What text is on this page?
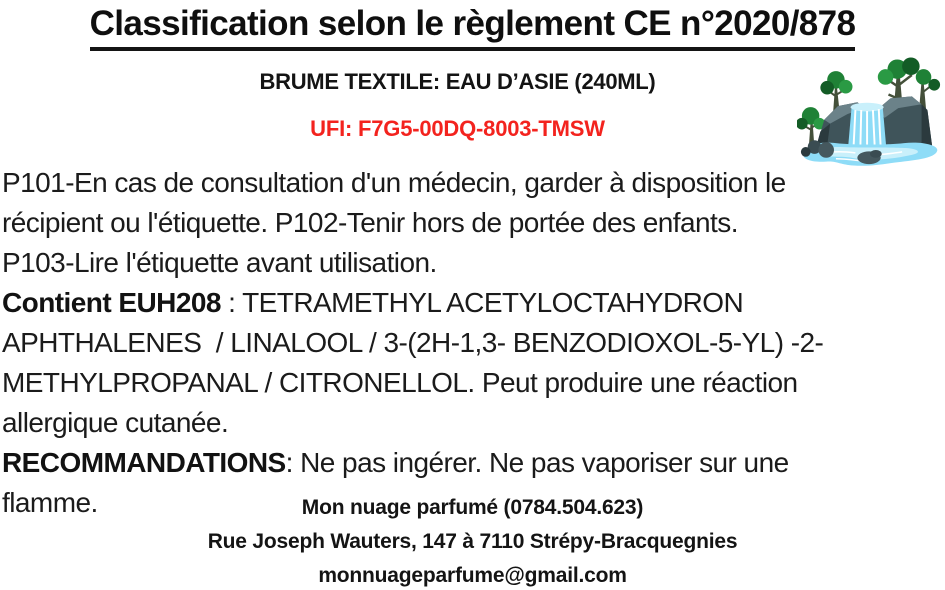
Classification selon le règlement CE n°2020/878
BRUME TEXTILE: EAU D’ASIE (240ML)
UFI: F7G5-00DQ-8003-TMSW
P101-En cas de consultation d'un médecin, garder à disposition le
récipient ou l'étiquette. P102-Tenir hors de portée des enfants.
P103-Lire l'étiquette avant utilisation.
Contient EUH208 : TETRAMETHYL ACETYLOCTAHYDRON
APHTHALENES  / LINALOOL / 3-(2H-1,3- BENZODIOXOL-5-YL) -2-
METHYLPROPANAL / CITRONELLOL. Peut produire une réaction
allergique cutanée.
RECOMMANDATIONS: Ne pas ingérer. Ne pas vaporiser sur une
flamme.	Mon nuage parfumé (0784.504.623)
Rue Joseph Wauters, 147 à 7110 Strépy-Bracquegnies
monnuageparfume@gmail.com
